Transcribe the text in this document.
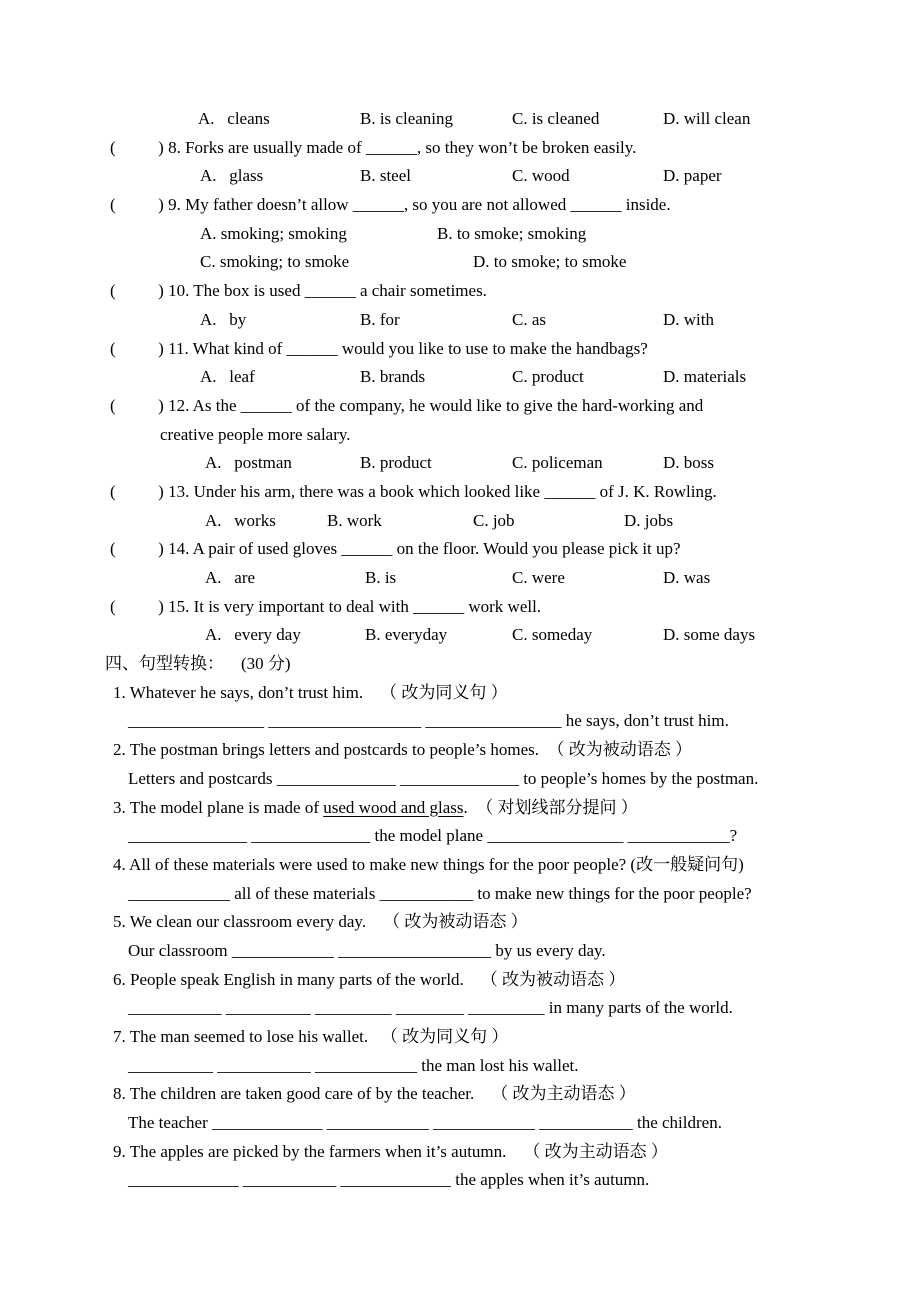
A.   cleans	B. is cleaning	C. is cleaned	D. will clean
(          ) 8. Forks are usually made of ______, so they won’t be broken easily.
A.   glass	B. steel	C. wood	D. paper
(          ) 9. My father doesn’t allow ______, so you are not allowed ______ inside.
A. smoking; smoking	B. to smoke; smoking
C. smoking; to smoke	D. to smoke; to smoke
(          ) 10. The box is used ______ a chair sometimes.
A.   by	B. for	C. as	D. with
(          ) 11. What kind of ______ would you like to use to make the handbags?
A.   leaf	B. brands	C. product	D. materials
(          ) 12. As the ______ of the company, he would like to give the hard-working and
creative people more salary.
A.   postman	B. product	C. policeman	D. boss
(          ) 13. Under his arm, there was a book which looked like ______ of J. K. Rowling.
A.   works	B. work	C. job	D. jobs
(          ) 14. A pair of used gloves ______ on the floor. Would you please pick it up?
A.   are	B. is	C. were	D. was
(          ) 15. It is very important to deal with ______ work well.
A.   every day	B. everyday	C. someday	D. some days
四、句型转换：    (30 分)
1. Whatever he says, don’t trust him.    （ 改为同义句 ）
________________ __________________ ________________ he says, don’t trust him.
2. The postman brings letters and postcards to people’s homes.  （ 改为被动语态 ）
Letters and postcards ______________ ______________ to people’s homes by the postman.
3. The model plane is made of used wood and glass.  （ 对划线部分提问 ）
______________ ______________ the model plane ________________ ____________?
4. All of these materials were used to make new things for the poor people? (改一般疑问句)
____________ all of these materials ___________ to make new things for the poor people?
5. We clean our classroom every day.    （ 改为被动语态 ）
Our classroom ____________ __________________ by us every day.
6. People speak English in many parts of the world.    （ 改为被动语态 ）
___________ __________ _________ ________ _________ in many parts of the world.
7. The man seemed to lose his wallet.   （ 改为同义句 ）
__________ ___________ ____________ the man lost his wallet.
8. The children are taken good care of by the teacher.    （ 改为主动语态 ）
The teacher _____________ ____________ ____________ ___________ the children.
9. The apples are picked by the farmers when it’s autumn.    （ 改为主动语态 ）
_____________ ___________ _____________ the apples when it’s autumn.
